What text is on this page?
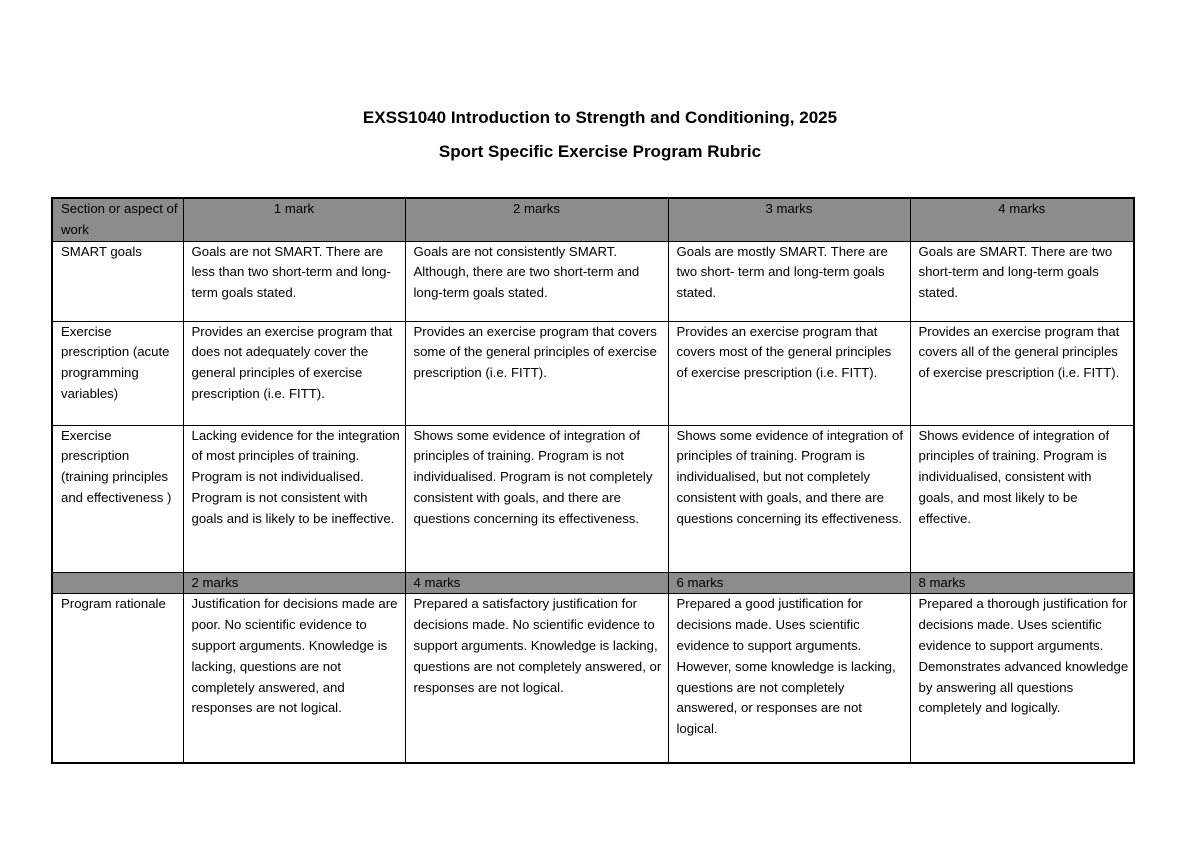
EXSS1040 Introduction to Strength and Conditioning, 2025
Sport Specific Exercise Program Rubric
Section or aspect of work	1 mark	2 marks	3 marks	4 marks
SMART goals	Goals are not SMART. There are less than two short-term and long-term goals stated.	Goals are not consistently SMART. Although, there are two short-term and long-term goals stated.	Goals are mostly SMART. There are two short- term and long-term goals stated.	Goals are SMART. There are two short-term and long-term goals stated.
Exercise prescription (acute programming variables)	Provides an exercise program that does not adequately cover the general principles of exercise prescription (i.e. FITT).	Provides an exercise program that covers some of the general principles of exercise prescription (i.e. FITT).	Provides an exercise program that covers most of the general principles of exercise prescription (i.e. FITT).	Provides an exercise program that covers all of the general principles of exercise prescription (i.e. FITT).
Exercise prescription (training principles and effectiveness )	Lacking evidence for the integration of most principles of training. Program is not individualised. Program is not consistent with goals and is likely to be ineffective.	Shows some evidence of integration of principles of training. Program is not individualised. Program is not completely consistent with goals, and there are questions concerning its effectiveness.	Shows some evidence of integration of principles of training. Program is individualised, but not completely consistent with goals, and there are questions concerning its effectiveness.	Shows evidence of integration of principles of training. Program is individualised, consistent with goals, and most likely to be effective.
	2 marks	4 marks	6 marks	8 marks
Program rationale	Justification for decisions made are poor. No scientific evidence to support arguments. Knowledge is lacking, questions are not completely answered, and responses are not logical.	Prepared a satisfactory justification for decisions made. No scientific evidence to support arguments. Knowledge is lacking, questions are not completely answered, or responses are not logical.	Prepared a good justification for decisions made. Uses scientific evidence to support arguments. However, some knowledge is lacking, questions are not completely answered, or responses are not logical.	Prepared a thorough justification for decisions made. Uses scientific evidence to support arguments. Demonstrates advanced knowledge by answering all questions completely and logically.
